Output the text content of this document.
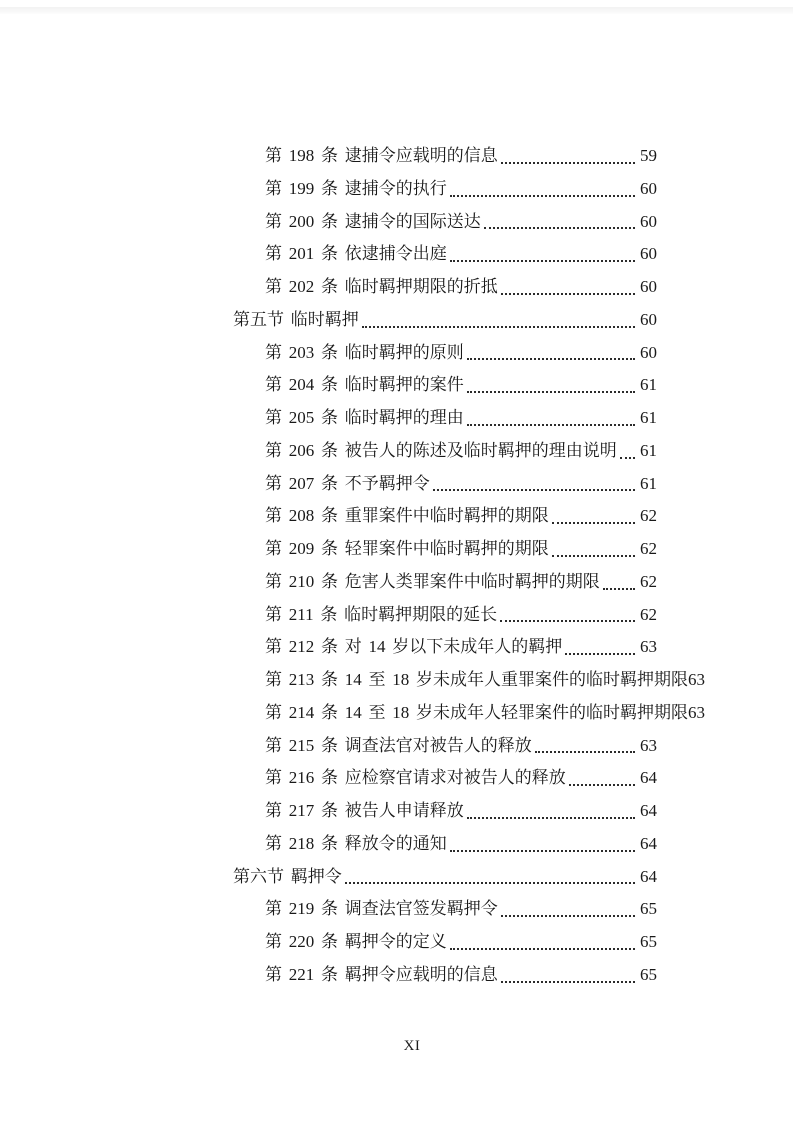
第 198 条 逮捕令应载明的信息	59
第 199 条 逮捕令的执行	60
第 200 条 逮捕令的国际送达	60
第 201 条 依逮捕令出庭	60
第 202 条 临时羁押期限的折抵	60
第五节 临时羁押	60
第 203 条 临时羁押的原则	60
第 204 条 临时羁押的案件	61
第 205 条 临时羁押的理由	61
第 206 条 被告人的陈述及临时羁押的理由说明 61
第 207 条 不予羁押令	61
第 208 条 重罪案件中临时羁押的期限	62
第 209 条 轻罪案件中临时羁押的期限	62
第 210 条 危害人类罪案件中临时羁押的期限 62
第 211 条 临时羁押期限的延长	62
第 212 条 对 14 岁以下未成年人的羁押	63
第 213 条 14 至 18 岁未成年人重罪案件的临时羁押期限 63
第 214 条 14 至 18 岁未成年人轻罪案件的临时羁押期限 63
第 215 条 调查法官对被告人的释放	63
第 216 条 应检察官请求对被告人的释放	64
第 217 条 被告人申请释放	64
第 218 条 释放令的通知	64
第六节 羁押令	64
第 219 条 调查法官签发羁押令	65
第 220 条 羁押令的定义	65
第 221 条 羁押令应载明的信息	65
XI
